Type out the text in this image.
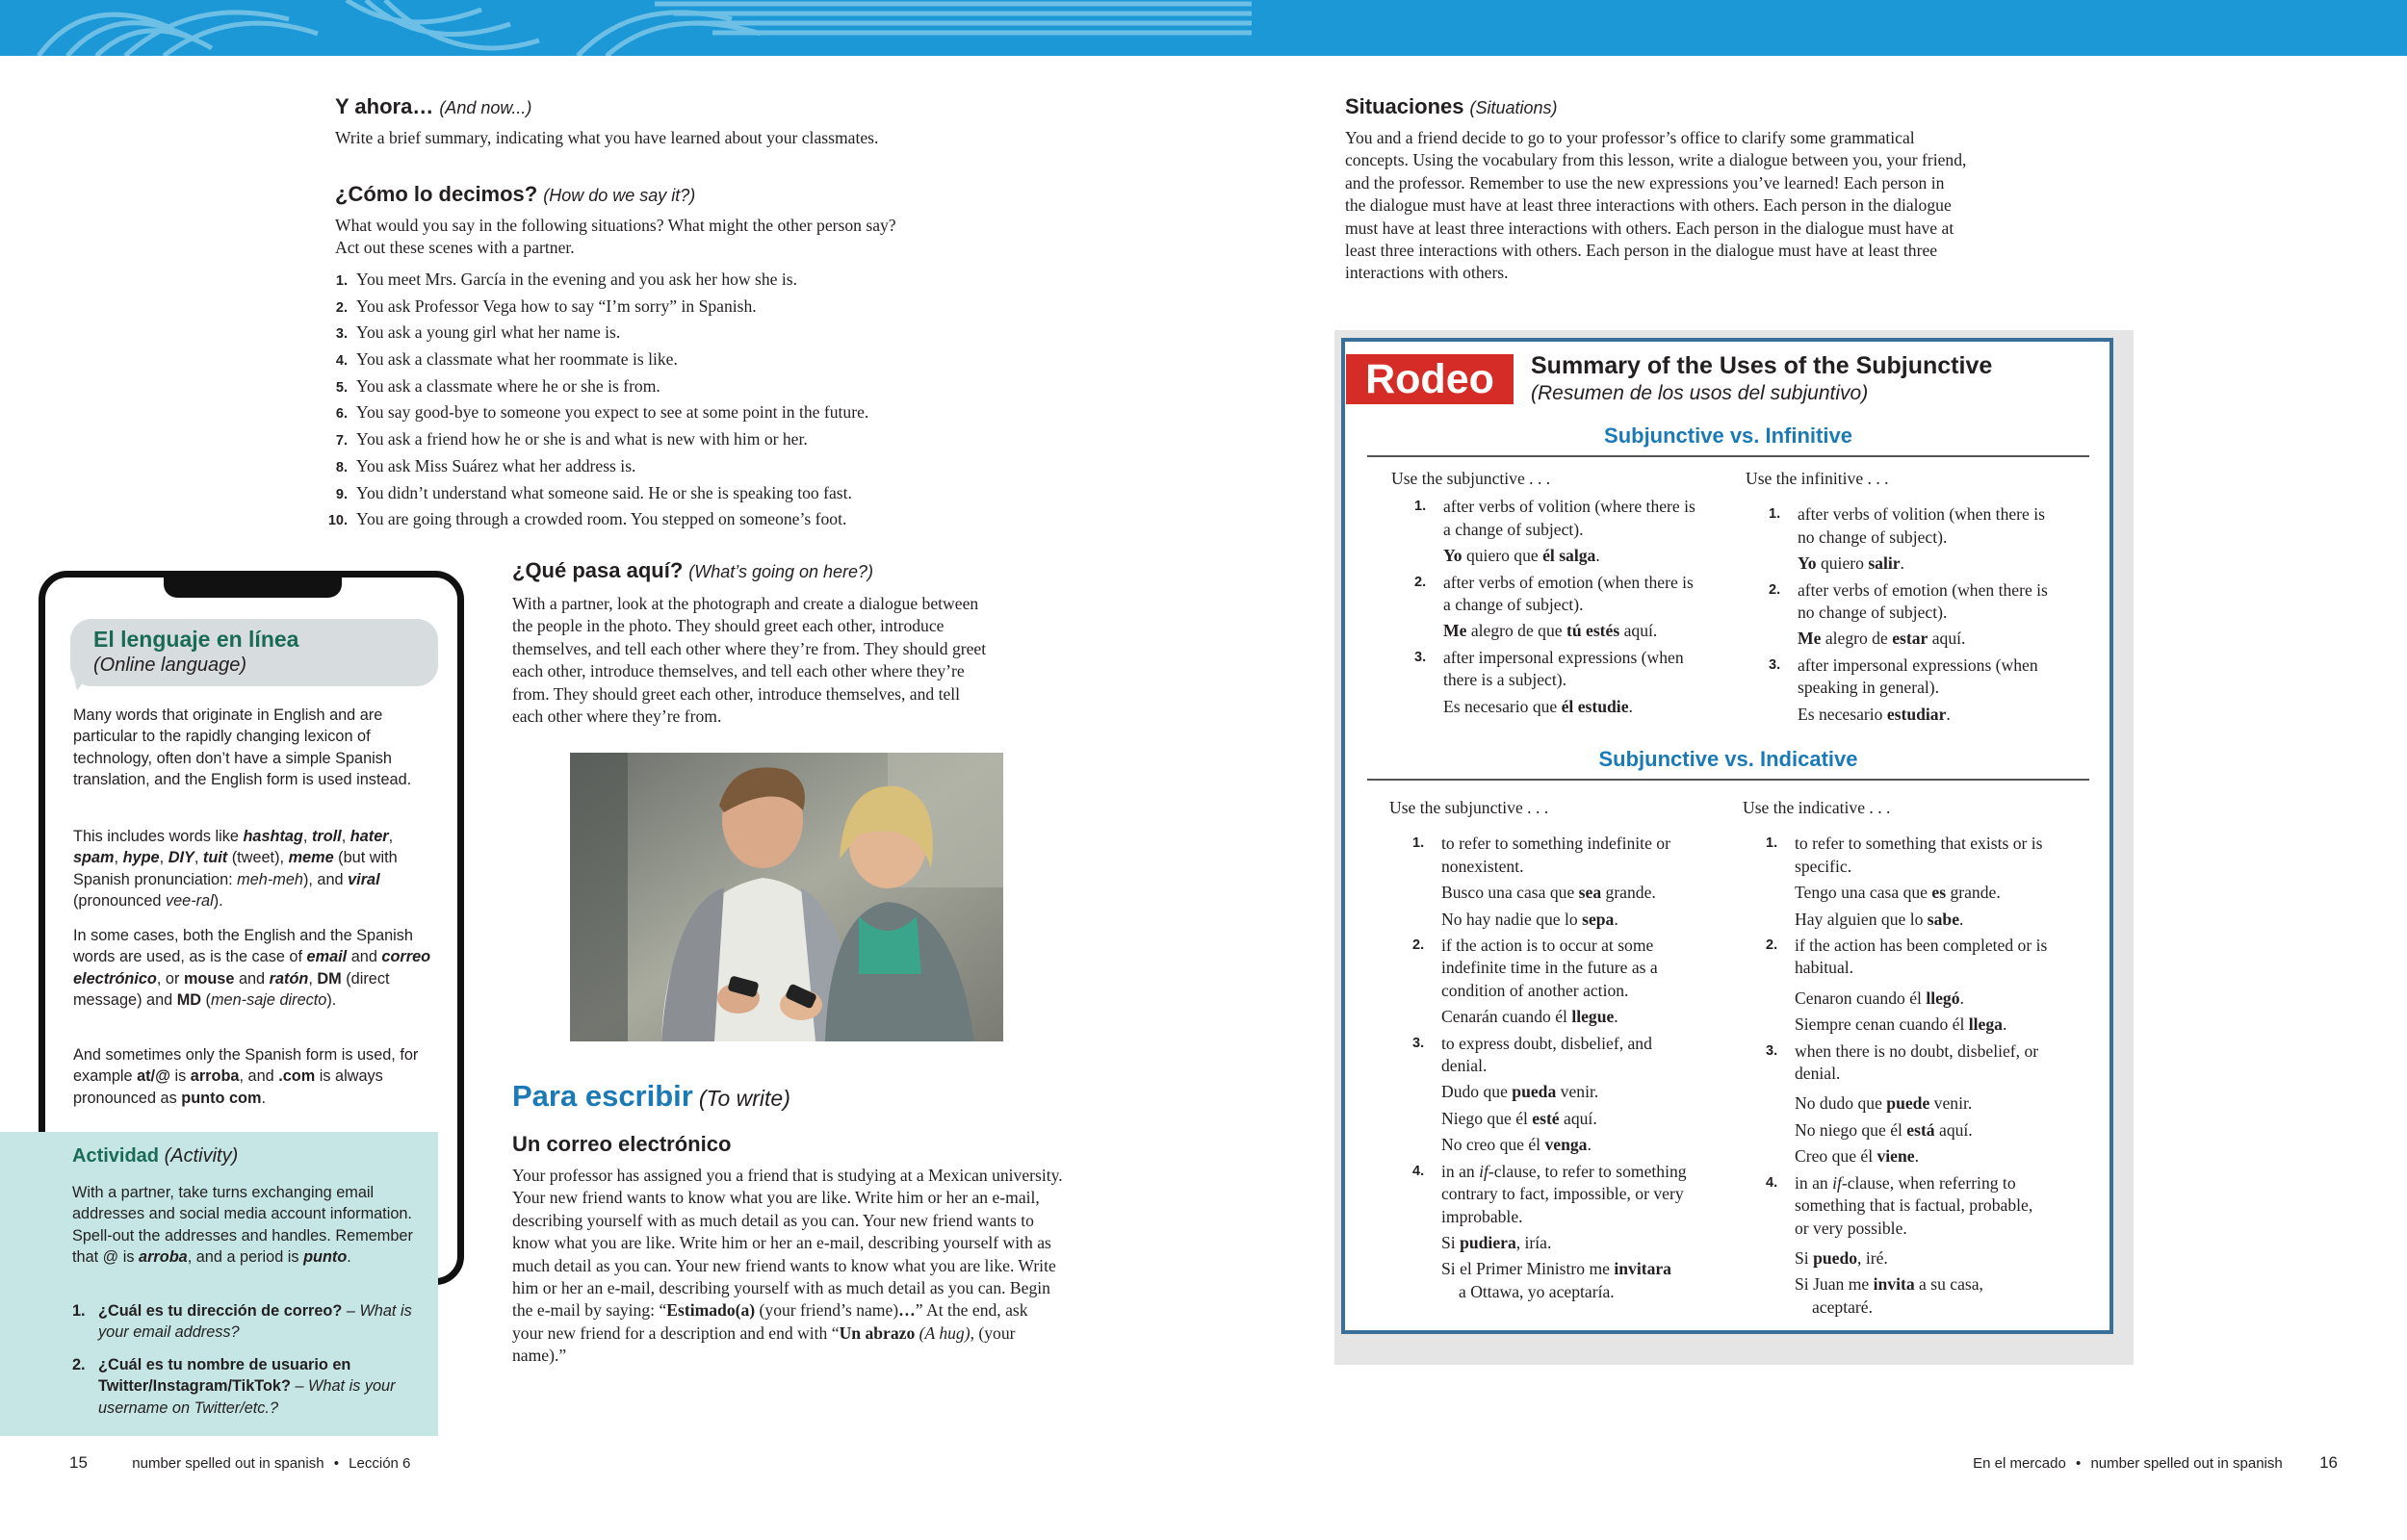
Y ahora… (And now...)
Write a brief summary, indicating what you have learned about your classmates.
¿Cómo lo decimos? (How do we say it?)
What would you say in the following situations? What might the other person say?
Act out these scenes with a partner.
1. You meet Mrs. García in the evening and you ask her how she is.
2. You ask Professor Vega how to say “I’m sorry” in Spanish.
3. You ask a young girl what her name is.
4. You ask a classmate what her roommate is like.
5. You ask a classmate where he or she is from.
6. You say good-bye to someone you expect to see at some point in the future.
7. You ask a friend how he or she is and what is new with him or her.
8. You ask Miss Suárez what her address is.
9. You didn’t understand what someone said. He or she is speaking too fast.
10. You are going through a crowded room. You stepped on someone’s foot.
El lenguaje en línea
(Online language)
Many words that originate in English and are particular to the rapidly changing lexicon of technology, often don’t have a simple Spanish translation, and the English form is used instead.
This includes words like hashtag, troll, hater, spam, hype, DIY, tuit (tweet), meme (but with Spanish pronunciation: meh-meh), and viral (pronounced vee-ral).
In some cases, both the English and the Spanish words are used, as is the case of email and correo electrónico, or mouse and ratón, DM (direct message) and MD (men-saje directo).
And sometimes only the Spanish form is used, for example at/@ is arroba, and .com is always pronounced as punto com.
Actividad (Activity)
With a partner, take turns exchanging email addresses and social media account information. Spell-out the addresses and handles. Remember that @ is arroba, and a period is punto.
1. ¿Cuál es tu dirección de correo? – What is your email address?
2. ¿Cuál es tu nombre de usuario en Twitter/Instagram/TikTok? – What is your username on Twitter/etc.?
¿Qué pasa aquí? (What’s going on here?)
With a partner, look at the photograph and create a dialogue between
the people in the photo. They should greet each other, introduce
themselves, and tell each other where they’re from. They should greet
each other, introduce themselves, and tell each other where they’re
from. They should greet each other, introduce themselves, and tell
each other where they’re from.
Para escribir (To write)
Un correo electrónico
Your professor has assigned you a friend that is studying at a Mexican university. Your new friend wants to know what you are like. Write him or her an e-mail, describing yourself with as much detail as you can. Your new friend wants to know what you are like. Write him or her an e-mail, describing yourself with as much detail as you can. Your new friend wants to know what you are like. Write him or her an e-mail, describing yourself with as much detail as you can. Begin the e-mail by saying: “Estimado(a) (your friend’s name)…” At the end, ask your new friend for a description and end with “Un abrazo (A hug), (your name).”
15	number spelled out in spanish • Lección 6
Situaciones (Situations)
You and a friend decide to go to your professor’s office to clarify some grammatical
concepts. Using the vocabulary from this lesson, write a dialogue between you, your friend,
and the professor. Remember to use the new expressions you’ve learned! Each person in
the dialogue must have at least three interactions with others. Each person in the dialogue
must have at least three interactions with others. Each person in the dialogue must have at
least three interactions with others. Each person in the dialogue must have at least three
interactions with others.
Rodeo	Summary of the Uses of the Subjunctive
(Resumen de los usos del subjuntivo)
Subjunctive vs. Infinitive
Use the subjunctive . . .
1. after verbs of volition (where there is a change of subject).
Yo quiero que él salga.
2. after verbs of emotion (when there is a change of subject).
Me alegro de que tú estés aquí.
3. after impersonal expressions (when there is a subject).
Es necesario que él estudie.
Use the infinitive . . .
1. after verbs of volition (when there is no change of subject).
Yo quiero salir.
2. after verbs of emotion (when there is no change of subject).
Me alegro de estar aquí.
3. after impersonal expressions (when speaking in general).
Es necesario estudiar.
Subjunctive vs. Indicative
Use the subjunctive . . .
1. to refer to something indefinite or nonexistent.
Busco una casa que sea grande.
No hay nadie que lo sepa.
2. if the action is to occur at some indefinite time in the future as a condition of another action.
Cenarán cuando él llegue.
3. to express doubt, disbelief, and denial.
Dudo que pueda venir.
Niego que él esté aquí.
No creo que él venga.
4. in an if-clause, to refer to something contrary to fact, impossible, or very improbable.
Si pudiera, iría.
Si el Primer Ministro me invitara
a Ottawa, yo aceptaría.
Use the indicative . . .
1. to refer to something that exists or is specific.
Tengo una casa que es grande.
Hay alguien que lo sabe.
2. if the action has been completed or is habitual.
Cenaron cuando él llegó.
Siempre cenan cuando él llega.
3. when there is no doubt, disbelief, or denial.
No dudo que puede venir.
No niego que él está aquí.
Creo que él viene.
4. in an if-clause, when referring to something that is factual, probable, or very possible.
Si puedo, iré.
Si Juan me invita a su casa,
aceptaré.
En el mercado • number spelled out in spanish 16
